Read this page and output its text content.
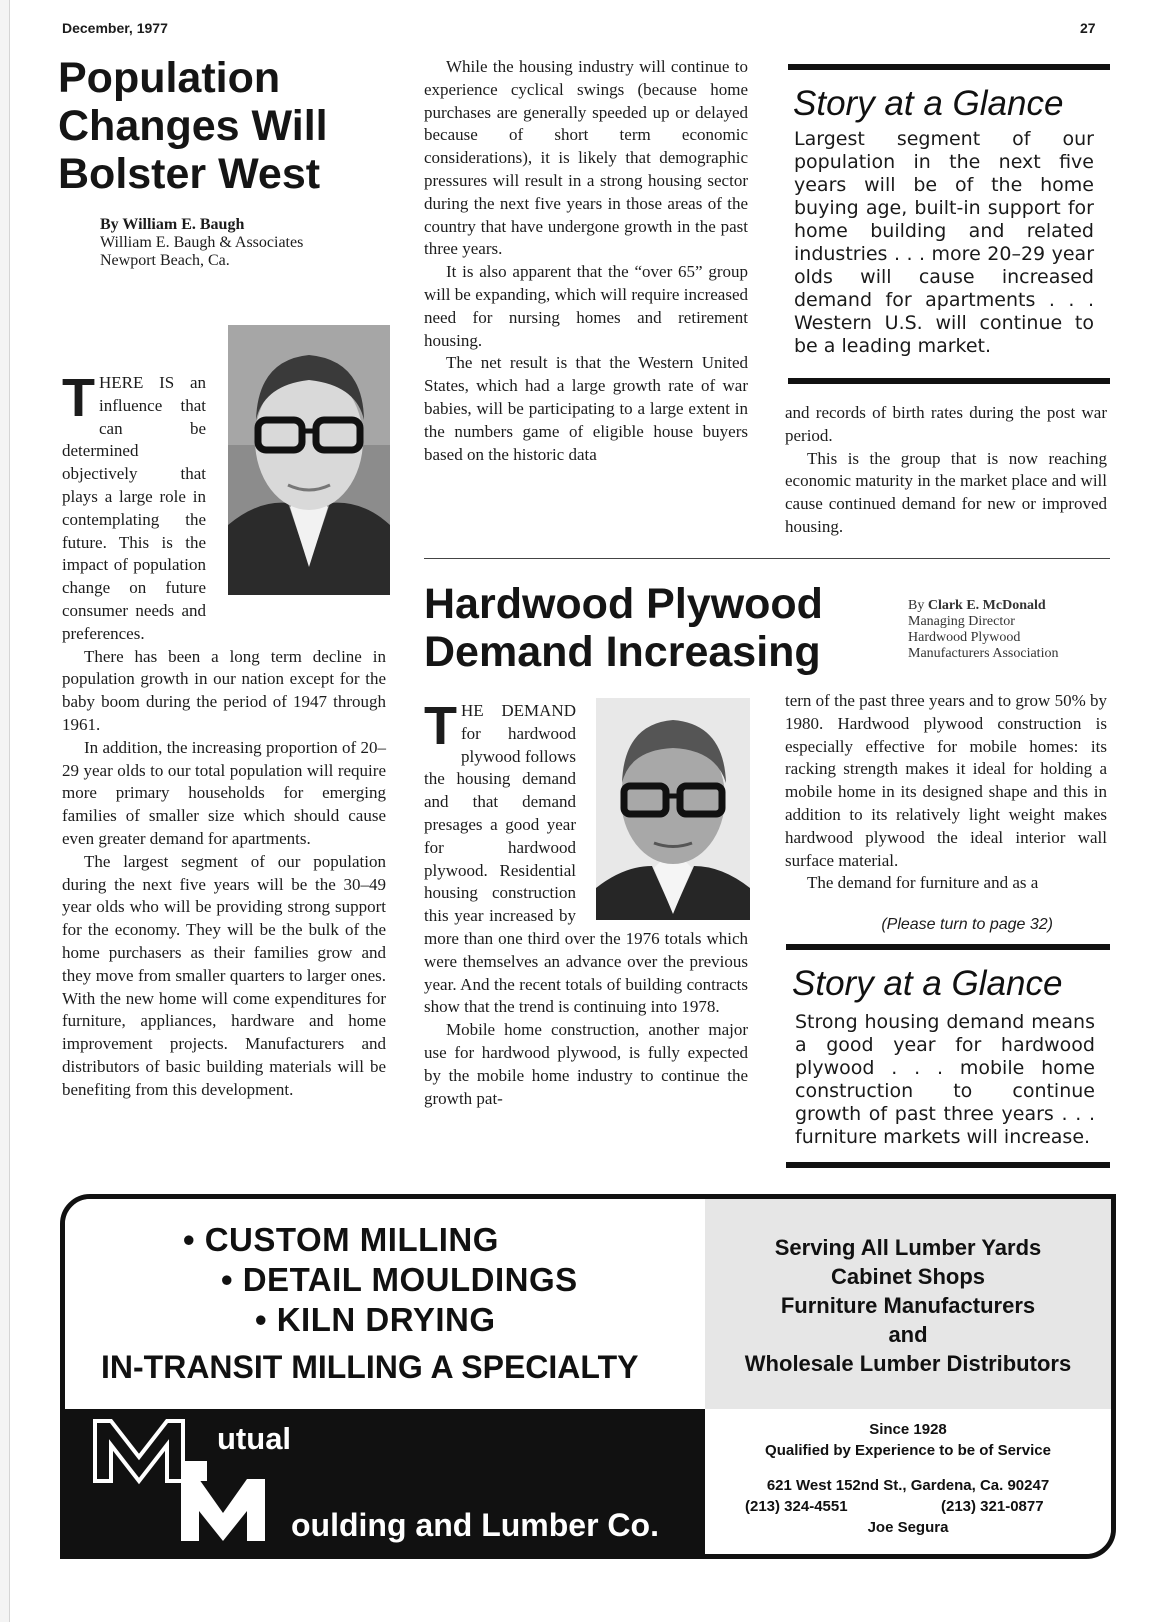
December, 1977	27
Population Changes Will Bolster West
By William E. Baugh
William E. Baugh & Associates
Newport Beach, Ca.
T HERE IS an influence that can be determined objectively that plays a large role in contemplating the future. This is the impact of population change on future consumer needs and preferences.

There has been a long term decline in population growth in our nation except for the baby boom during the period of 1947 through 1961.

In addition, the increasing proportion of 20–29 year olds to our total population will require more primary households for emerging families of smaller size which should cause even greater demand for apartments.

The largest segment of our population during the next five years will be the 30–49 year olds who will be providing strong support for the economy. They will be the bulk of the home purchasers as their families grow and they move from smaller quarters to larger ones. With the new home will come expenditures for furniture, appliances, hardware and home improvement projects. Manufacturers and distributors of basic building materials will be benefiting from this development.

While the housing industry will continue to experience cyclical swings (because home purchases are generally speeded up or delayed because of short term economic considerations), it is likely that demographic pressures will result in a strong housing sector during the next five years in those areas of the country that have undergone growth in the past three years.

It is also apparent that the “over 65” group will be expanding, which will require increased need for nursing homes and retirement housing.

The net result is that the Western United States, which had a large growth rate of war babies, will be participating to a large extent in the numbers game of eligible house buyers based on the historic data

Story at a Glance
Largest segment of our population in the next five years will be of the home buying age, built-in support for home building and related industries . . . more 20–29 year olds will cause increased demand for apartments . . . Western U.S. will continue to be a leading market.

and records of birth rates during the post war period.

This is the group that is now reaching economic maturity in the market place and will cause continued demand for new or improved housing.

Hardwood Plywood Demand Increasing
By Clark E. McDonald
Managing Director
Hardwood Plywood
Manufacturers Association
T HE DEMAND for hardwood plywood follows the housing demand and that demand presages a good year for hardwood plywood. Residential housing construction this year increased by more than one third over the 1976 totals which were themselves an advance over the previous year. And the recent totals of building contracts show that the trend is continuing into 1978.

Mobile home construction, another major use for hardwood plywood, is fully expected by the mobile home industry to continue the growth pat-

tern of the past three years and to grow 50% by 1980. Hardwood plywood construction is especially effective for mobile homes: its racking strength makes it ideal for holding a mobile home in its designed shape and this in addition to its relatively light weight makes hardwood plywood the ideal interior wall surface material.

The demand for furniture and as a

(Please turn to page 32)
Story at a Glance
Strong housing demand means a good year for hardwood plywood . . . mobile home construction to continue growth of past three years . . . furniture markets will increase.
• CUSTOM MILLING
• DETAIL MOULDINGS
• KILN DRYING
IN-TRANSIT MILLING A SPECIALTY
Serving All Lumber Yards
Cabinet Shops
Furniture Manufacturers
and
Wholesale Lumber Distributors
utual
oulding and Lumber Co.
Since 1928
Qualified by Experience to be of Service
621 West 152nd St., Gardena, Ca. 90247
(213) 324-4551	(213) 321-0877
Joe Segura
